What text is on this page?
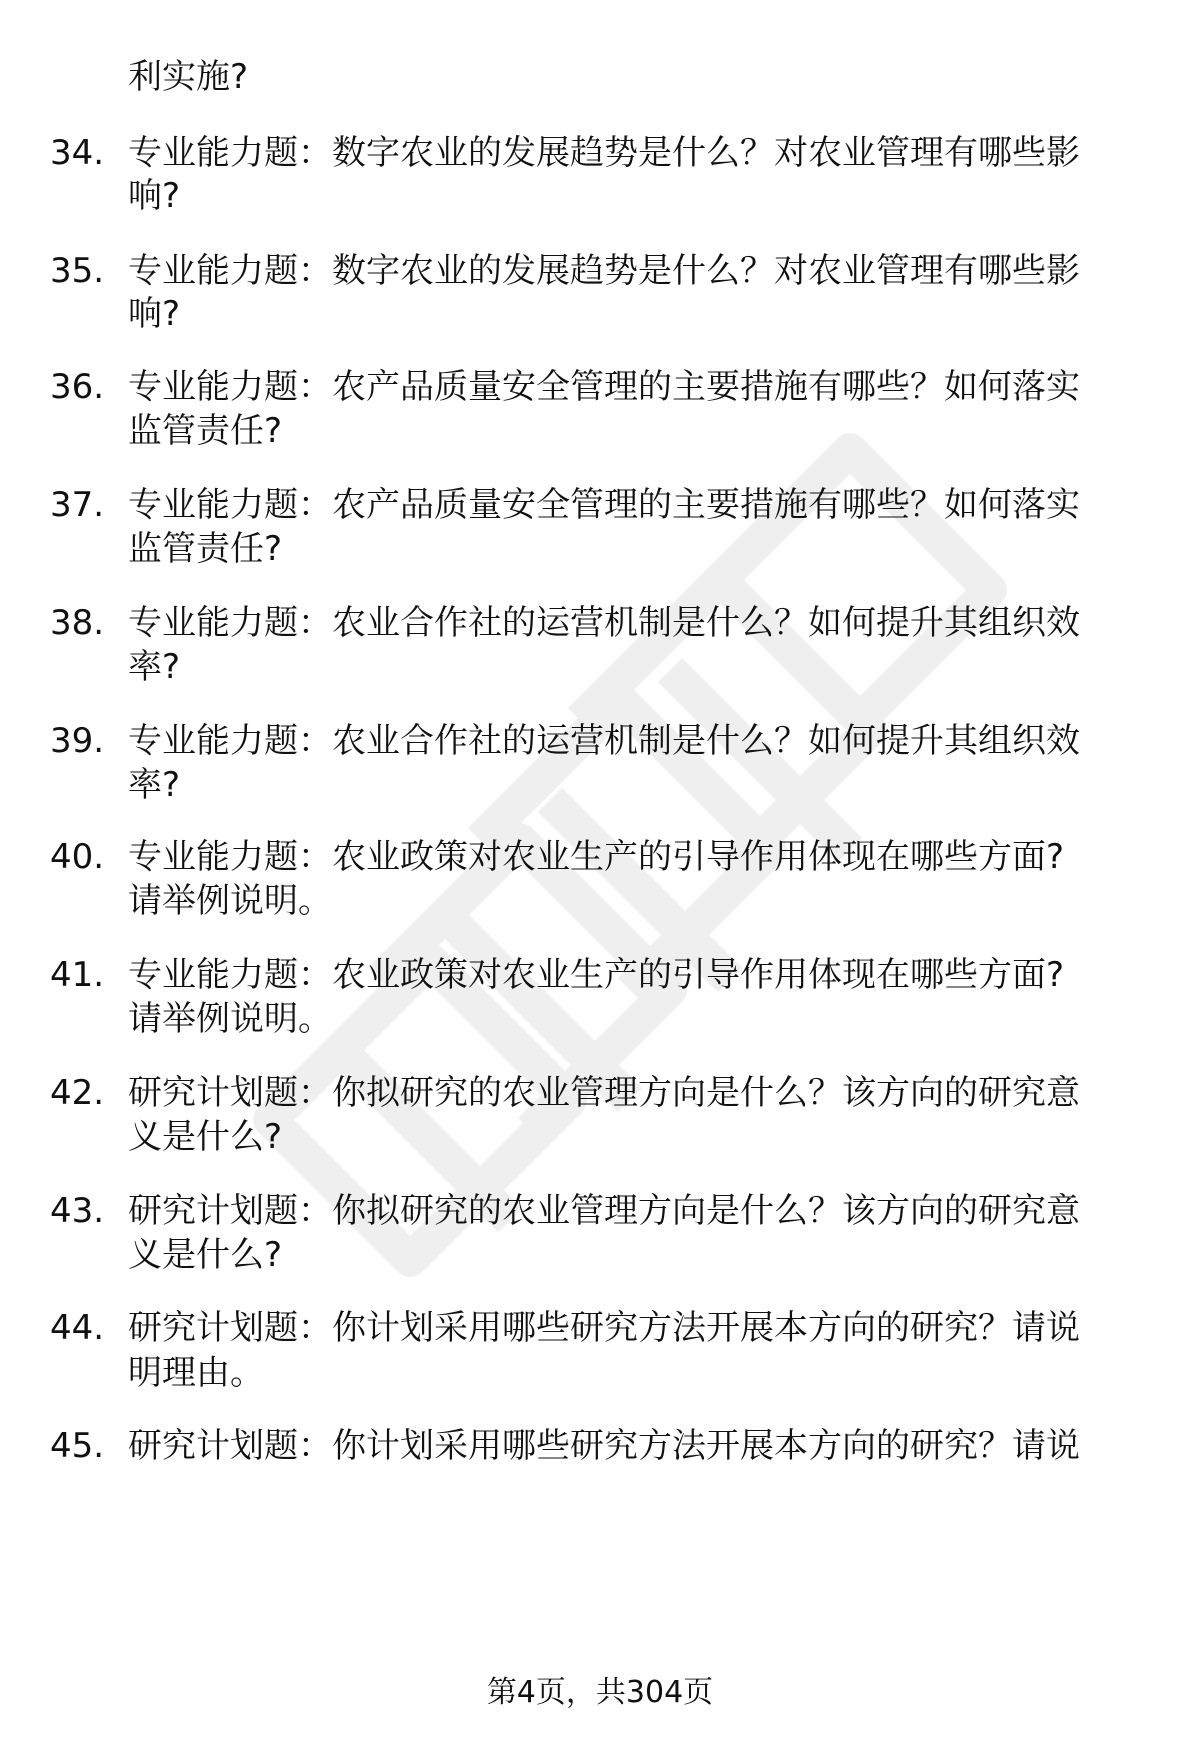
利实施?
34. 专业能力题：数字农业的发展趋势是什么？对农业管理有哪些影
响?
35. 专业能力题：数字农业的发展趋势是什么？对农业管理有哪些影
响?
36. 专业能力题：农产品质量安全管理的主要措施有哪些？如何落实
监管责任?
37. 专业能力题：农产品质量安全管理的主要措施有哪些？如何落实
监管责任?
38. 专业能力题：农业合作社的运营机制是什么？如何提升其组织效
率?
39. 专业能力题：农业合作社的运营机制是什么？如何提升其组织效
率?
40. 专业能力题：农业政策对农业生产的引导作用体现在哪些方面?
请举例说明。
41. 专业能力题：农业政策对农业生产的引导作用体现在哪些方面?
请举例说明。
42. 研究计划题：你拟研究的农业管理方向是什么？该方向的研究意
义是什么?
43. 研究计划题：你拟研究的农业管理方向是什么？该方向的研究意
义是什么?
44. 研究计划题：你计划采用哪些研究方法开展本方向的研究？请说
明理由。
45. 研究计划题：你计划采用哪些研究方法开展本方向的研究？请说
第4页，共304页
